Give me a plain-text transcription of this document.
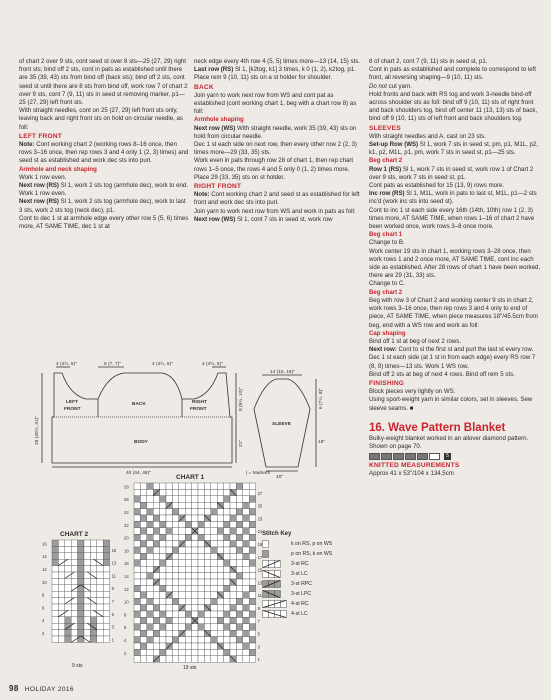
of chart 2 over 9 sts, cont seed st over 8 sts—25 (27, 29) right front sts; bind off 2 sts, cont in pats as established until there are 35 (39, 43) sts from bind off (back sts); bind off 2 sts, cont seed st until there are 8 sts from bind off, work row 7 of chart 2 over 9 sts, cont 7 (9, 11) sts in seed st removing marker, p1—25 (27, 29) left front sts.
With straight needles, cont on 25 (27, 29) left front sts only, leaving back and right front sts on hold on circular needle, as foll:
LEFT FRONT
Note: Cont working chart 2 (working rows 8–16 once, then rows 3–16 once, then rep rows 3 and 4 only 1 (2, 3) times) and seed st as established and work dec sts into purl.
Armhole and neck shaping
Work 1 row even.
Next row (RS) Sl 1, work 2 sts tog (armhole dec), work to end.
Work 1 row even.
Next row (RS) Sl 1, work 2 sts tog (armhole dec), work to last 3 sts, work 2 sts tog (neck dec), p1.
Cont to dec 1 st at armhole edge every other row 5 (5, 6) times more, AT SAME TIME, dec 1 st at
neck edge every 4th row 4 (5, 5) times more—13 (14, 15) sts.
Last row (RS) Sl 1, [k2tog, k1] 3 times, k 0 (1, 2), k2tog, p1.
Place rem 9 (10, 11) sts on a st holder for shoulder.
BACK
Join yarn to work next row from WS and cont pat as established (cont working chart 1, beg with a chart row 8) as foll:
Armhole shaping
Next row (WS) With straight needle, work 35 (39, 43) sts on hold from circular needle.
Dec 1 st each side on next row, then every other row 2 (2, 3) times more—29 (33, 35) sts.
Work even in pats through row 28 of chart 1, then rep chart rows 1–5 once, the rows 4 and 5 only 0 (1, 2) times more.
Place 29 (33, 35) sts on st holder.
RIGHT FRONT
Note: Cont working chart 2 and seed st as established for left front and work dec sts into purl.
Join yarn to work next row from WS and work in pats as foll:
Next row (WS) Sl 1, cont 7 sts in seed st, work row
8 of chart 2, cont 7 (9, 11) sts in seed st, p1.
Cont in pats as established and complete to correspond to left front, all reversing shaping—9 (10, 11) sts.
Do not cut yarn.
Hold fronts and back with RS tog and work 3-needle bind-off across shoulder sts as foll: bind off 9 (10, 11) sts of right front and back shoulders tog, bind off center 11 (13, 13) sts of back, bind off 9 (10, 11) sts of left front and back shoulders tog.
SLEEVES
With straight needles and A, cast on 23 sts.
Set-up Row (WS) Sl 1, work 7 sts in seed st, pm, p1, M1L, p2, k1, p2, M1L, p1, pm, work 7 sts in seed st, p1—25 sts.
Beg chart 2
Row 1 (RS) Sl 1, work 7 sts in seed st, work row 1 of Chart 2 over 9 sts, work 7 sts in seed st, p1.
Cont pats as established for 15 (13, 9) rows more.
Inc row (RS) Sl 1, M1L, work in pats to last st, M1L, p1—2 sts inc'd (work inc sts into seed st).
Cont to inc 1 st each side every 16th (14th, 10th) row 1 (2, 3) times more, AT SAME TIME, when rows 1–16 of chart 2 have been worked once, work rows 3–8 once more.
Beg chart 1
Change to B.
Work center 19 sts in chart 1, working rows 3–28 once, then work rows 1 and 2 once more, AT SAME TIME, cont inc each side as established. After 28 rows of chart 1 have been worked, there are 29 (31, 33) sts.
Change to C.
Beg chart 2
Beg with row 3 of Chart 2 and working center 9 sts in chart 2, work rows 3–16 once, then rep rows 3 and 4 only to end of piece, AT SAME TIME, when piece measures 18"/45.5cm from beg, end with a WS row and work as foll:
Cap shaping
Bind off 1 st at beg of next 2 rows.
Next row: Cont to sl the first st and purl the last st every row.
Dec 1 st each side (at 1 st in from each edge) every RS row 7 (8, 9) times—13 sts. Work 1 WS row.
Bind off 2 sts at beg of next 4 rows. Bind off rem 5 sts.
FINISHING
Block pieces very lightly on WS.
Using sport-weight yarn in similar colors, set in sleeves. Sew sleeve seams. ■
16. Wave Pattern Blanket
Bulky-weight blanket worked in an allover diamond pattern. Shown on page 70.
5
KNITTED MEASUREMENTS
Approx 41 x 53"/104 x 134.5cm
4 (4½, 5)"	6 (7, 7)"	4 (4½, 5)"	4 (4½, 5)"
LEFT
FRONT
BACK	RIGHT
FRONT
BODY
SLEEVE
40 (44, 48)"	| = Markers
14 (15, 16)"
10"
29 (30½, 31)"
8 (9½, 10)"
21"
6 (7½, 8)"
18"
CHART 2
16
15
14
13
12
11
10
9
8
7
6
5
4
3
2
1
9 sts
CHART 1
28
27
26
25
24
23
22
21
20
19
18
17
16
15
14
13
12
11
10
9
8
7
6
5
4
3
2
1
19 sts
Stitch Key
k on RS, p on WS
p on RS, k on WS
3-st RC
3-st LC
3-st RPC
3-st LPC
4-st RC
4-st LC
98 HOLIDAY 2016
